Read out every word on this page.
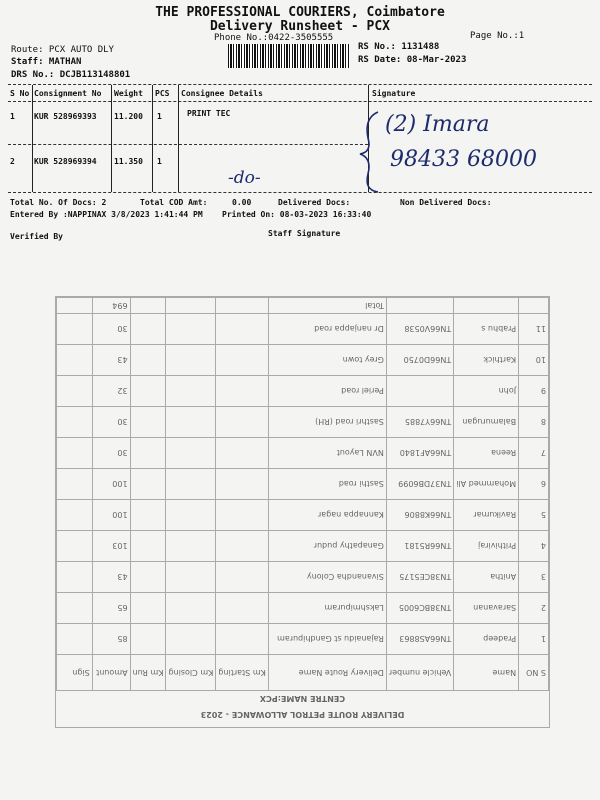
THE PROFESSIONAL COURIERS, Coimbatore
Delivery Runsheet - PCX
Phone No.:0422-3505555	Page No.:1
Route: PCX AUTO DLY
Staff: MATHAN
DRS No.: DCJB113148801
RS No.: 1131488
RS Date: 08-Mar-2023
S No Consignment No Weight PCS Consignee Details	Signature
1 KUR 528969393 11.200 1	PRINT TEC
2 KUR 528969394 11.350 1
(2) Imara
98433 68000
-do-
Total No. Of Docs: 2	Total COD Amt:	0.00	Delivered Docs:	Non Delivered Docs:
Entered By :NAPPINAX 3/8/2023 1:41:44 PM Printed On: 08-03-2023 16:33:40
Verified By	Staff Signature
DELIVERY ROUTE PETROL ALLOWANCE - 2023
CENTRE NAME:PCX
S NO	Name	Vehicle number	Delivery Route Name	Km Starting	Km Closing	Km Run	Amount	Sign
1	Pradeep	TN66AS8863	Rajanaidu st Gandhipuram				85	
2	Saravanan	TN38BC6005	Lakshmipuram				65	
3	Anitha	TN38CE5175	Sivanandha Colony				43	
4	Prithiviraj	TN66R5181	Ganapathy pudur				103	
5	Ravikumar	TN66K8806	Kannappa nagar				100	
6	Mohammed Ali	TN37DB6099	Sasthi road				100	
7	Reena	TN66AF1840	NVN Layout				30	
8	Balamurugan	TN66Y7885	Sasthri road (RH)				30	
9	John		Periel road				32	
10	Karthick	TN66D0750	Grey town				43	
11	Prabhu s	TN66V0538	Dr nanjappa road				30	
			Total				694	
